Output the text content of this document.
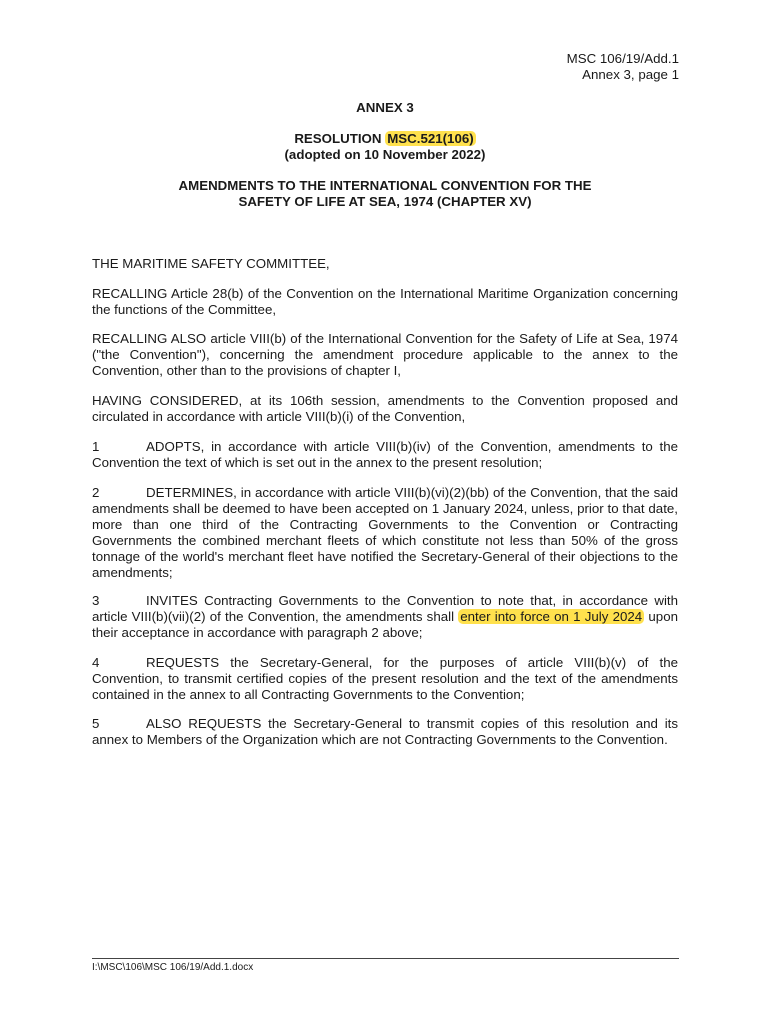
MSC 106/19/Add.1
Annex 3, page 1
ANNEX 3
RESOLUTION MSC.521(106)
(adopted on 10 November 2022)
AMENDMENTS TO THE INTERNATIONAL CONVENTION FOR THE
SAFETY OF LIFE AT SEA, 1974 (CHAPTER XV)

THE MARITIME SAFETY COMMITTEE,

RECALLING Article 28(b) of the Convention on the International Maritime Organization concerning the functions of the Committee,

RECALLING ALSO article VIII(b) of the International Convention for the Safety of Life at Sea, 1974 ("the Convention"), concerning the amendment procedure applicable to the annex to the Convention, other than to the provisions of chapter I,

HAVING CONSIDERED, at its 106th session, amendments to the Convention proposed and circulated in accordance with article VIII(b)(i) of the Convention,

1	ADOPTS, in accordance with article VIII(b)(iv) of the Convention, amendments to the Convention the text of which is set out in the annex to the present resolution;

2	DETERMINES, in accordance with article VIII(b)(vi)(2)(bb) of the Convention, that the said amendments shall be deemed to have been accepted on 1 January 2024, unless, prior to that date, more than one third of the Contracting Governments to the Convention or Contracting Governments the combined merchant fleets of which constitute not less than 50% of the gross tonnage of the world's merchant fleet have notified the Secretary-General of their objections to the amendments;

3	INVITES Contracting Governments to the Convention to note that, in accordance with article VIII(b)(vii)(2) of the Convention, the amendments shall enter into force on 1 July 2024 upon their acceptance in accordance with paragraph 2 above;

4	REQUESTS the Secretary-General, for the purposes of article VIII(b)(v) of the Convention, to transmit certified copies of the present resolution and the text of the amendments contained in the annex to all Contracting Governments to the Convention;

5	ALSO REQUESTS the Secretary-General to transmit copies of this resolution and its annex to Members of the Organization which are not Contracting Governments to the Convention.

I:\MSC\106\MSC 106/19/Add.1.docx
